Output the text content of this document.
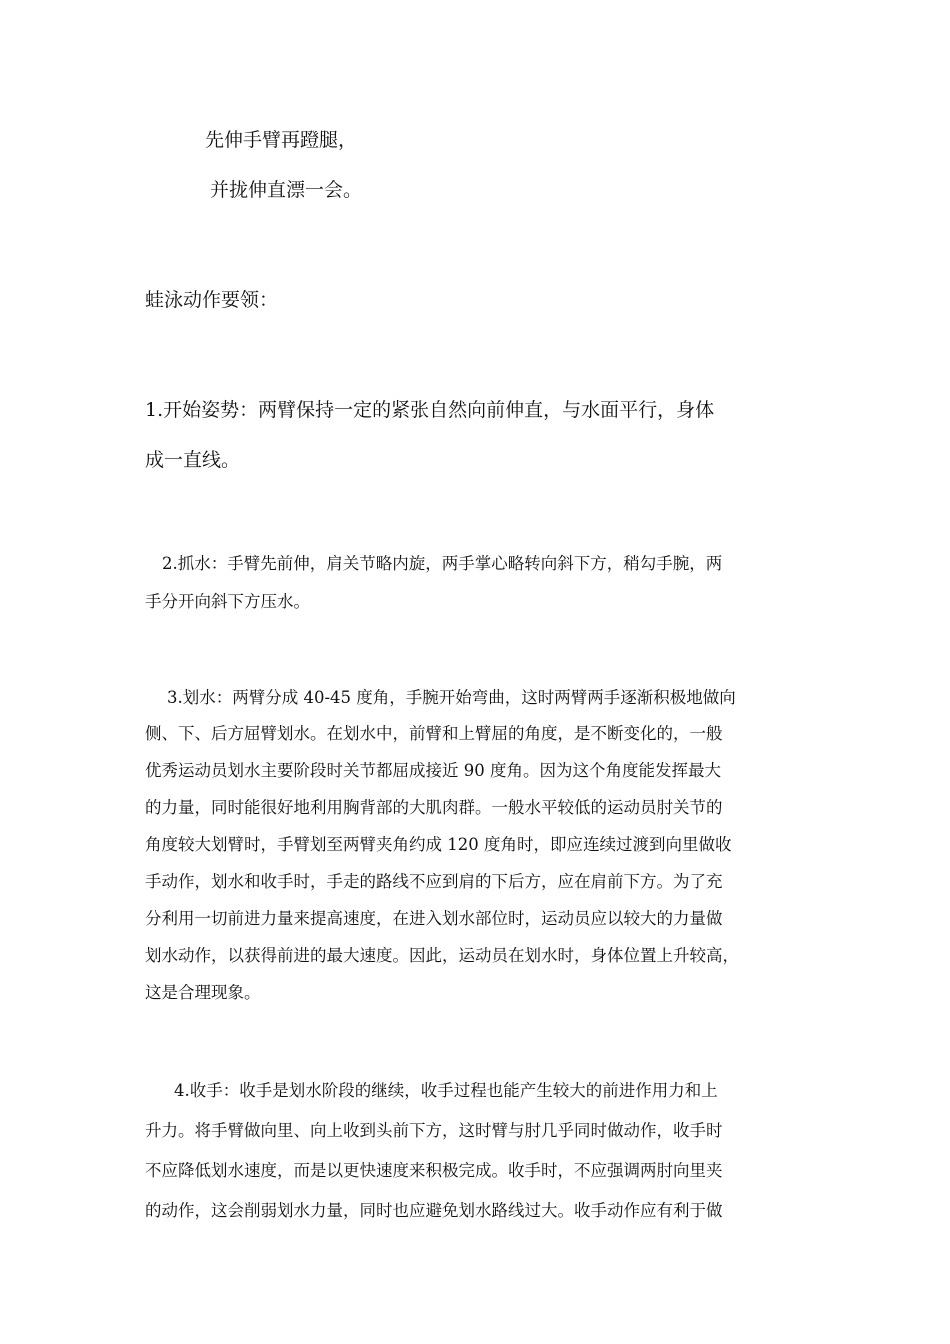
先伸手臂再蹬腿，
并拢伸直漂一会。
蛙泳动作要领：
1.开始姿势：两臂保持一定的紧张自然向前伸直，与水面平行，身体
成一直线。
2.抓水：手臂先前伸，肩关节略内旋，两手掌心略转向斜下方，稍勾手腕，两
手分开向斜下方压水。
3.划水：两臂分成 40-45 度角，手腕开始弯曲，这时两臂两手逐渐积极地做向
侧、下、后方屈臂划水。在划水中，前臂和上臂屈的角度，是不断变化的，一般
优秀运动员划水主要阶段时关节都屈成接近 90 度角。因为这个角度能发挥最大
的力量，同时能很好地利用胸背部的大肌肉群。一般水平较低的运动员肘关节的
角度较大划臂时，手臂划至两臂夹角约成 120 度角时，即应连续过渡到向里做收
手动作，划水和收手时，手走的路线不应到肩的下后方，应在肩前下方。为了充
分利用一切前进力量来提高速度，在进入划水部位时，运动员应以较大的力量做
划水动作，以获得前进的最大速度。因此，运动员在划水时，身体位置上升较高，
这是合理现象。
4.收手：收手是划水阶段的继续，收手过程也能产生较大的前进作用力和上
升力。将手臂做向里、向上收到头前下方，这时臂与肘几乎同时做动作，收手时
不应降低划水速度，而是以更快速度来积极完成。收手时，不应强调两肘向里夹
的动作，这会削弱划水力量，同时也应避免划水路线过大。收手动作应有利于做
